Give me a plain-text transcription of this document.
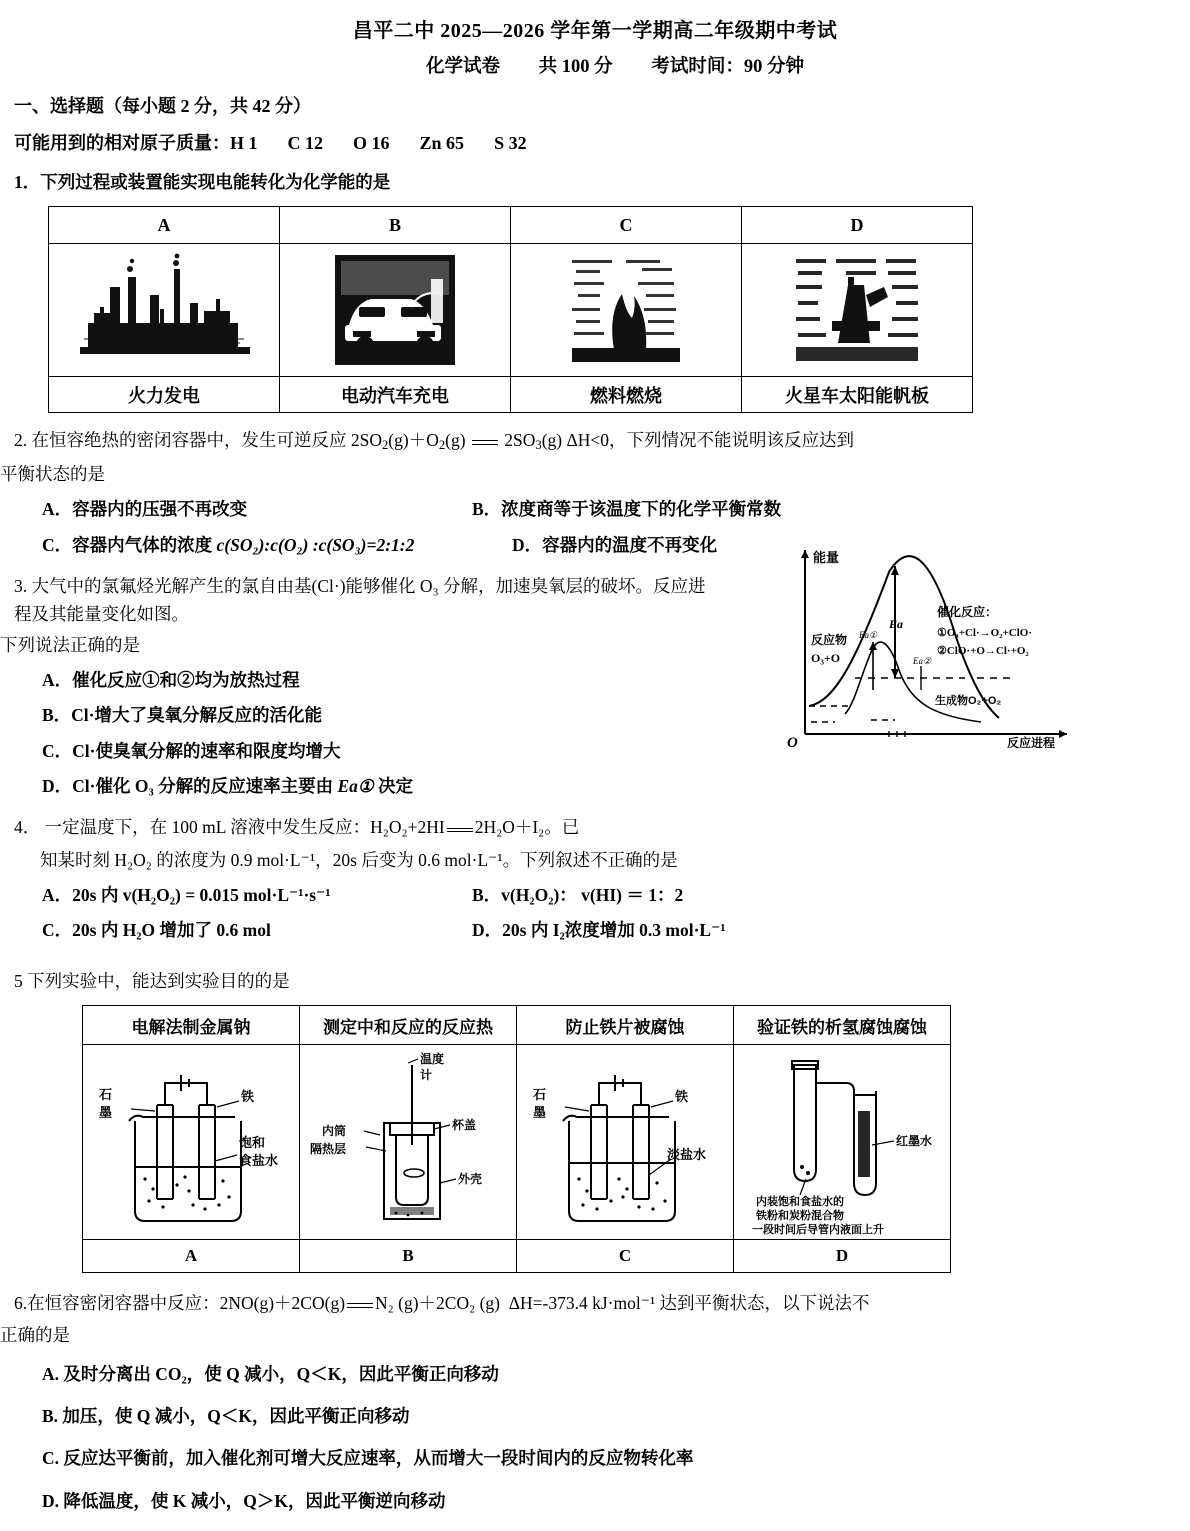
昌平二中 2025—2026 学年第一学期高二年级期中考试
化学试卷 共 100 分 考试时间：90 分钟
一、选择题（每小题 2 分，共 42 分）
可能用到的相对原子质量：H 1 C 12 O 16 Zn 65 S 32
1．下列过程或装置能实现电能转化为化学能的是
A	B	C	D

火力发电	电动汽车充电	燃料燃烧	火星车太阳能帆板
2. 在恒容绝热的密闭容器中，发生可逆反应 $2SO_2(g)+O_2(g)$ $2SO_3(g)$ ΔH<0，下列情况不能说明该反应达到
平衡状态的是
A．容器内的压强不再改变	B．浓度商等于该温度下的化学平衡常数
C．容器内气体的浓度 c(SO₂):c(O₂) :c(SO₃)=2:1:2	D．容器内的温度不再变化
3. 大气中的氯氟烃光解产生的氯自由基(Cl·)能够催化 O₃ 分解，加速臭氧层的破坏。反应进程及其能量变化如图。
下列说法正确的是
A．催化反应①和②均为放热过程
B．Cl·增大了臭氧分解反应的活化能
C．Cl·使臭氧分解的速率和限度均增大
D．Cl·催化 O₃ 分解的反应速率主要由 Ea① 决定
能量
O	反应进程
反应物
O₃+O
Ea
Ea①
Ea②
催化反应：
①O₃+Cl·→O₂+ClO·
②ClO·+O→Cl·+O₂
生成物O₂+O₂
4． 一定温度下，在 100 mL 溶液中发生反应：H₂O₂+2HI 2H₂O＋I₂。已
知某时刻 H₂O₂ 的浓度为 0.9 mol·L⁻¹，20s 后变为 0.6 mol·L⁻¹。下列叙述不正确的是
A．20s 内 v(H₂O₂) = 0.015 mol·L⁻¹·s⁻¹	B．v(H₂O₂)： v(HI) ＝ 1：2
C．20s 内 H₂O 增加了 0.6 mol	D．20s 内 I₂浓度增加 0.3 mol·L⁻¹
5 下列实验中，能达到实验目的的是
电解法制金属钠	测定中和反应的反应热	防止铁片被腐蚀	验证铁的析氢腐蚀腐蚀

石
墨
铁
饱和
食盐水

温度
计
内筒
隔热层
杯盖
外壳

石
墨
铁
淡盐水

红墨水
内装饱和食盐水的
铁粉和炭粉混合物
一段时间后导管内液面上升

A	B	C	D
6.在恒容密闭容器中反应：2NO(g)＋2CO(g) N₂ (g)＋2CO₂ (g) ΔH=-373.4 kJ·mol⁻¹ 达到平衡状态，以下说法不
正确的是
A. 及时分离出 CO₂，使 Q 减小，Q＜K，因此平衡正向移动
B. 加压，使 Q 减小，Q＜K，因此平衡正向移动
C. 反应达平衡前，加入催化剂可增大反应速率，从而增大一段时间内的反应物转化率
D. 降低温度，使 K 减小，Q＞K，因此平衡逆向移动
